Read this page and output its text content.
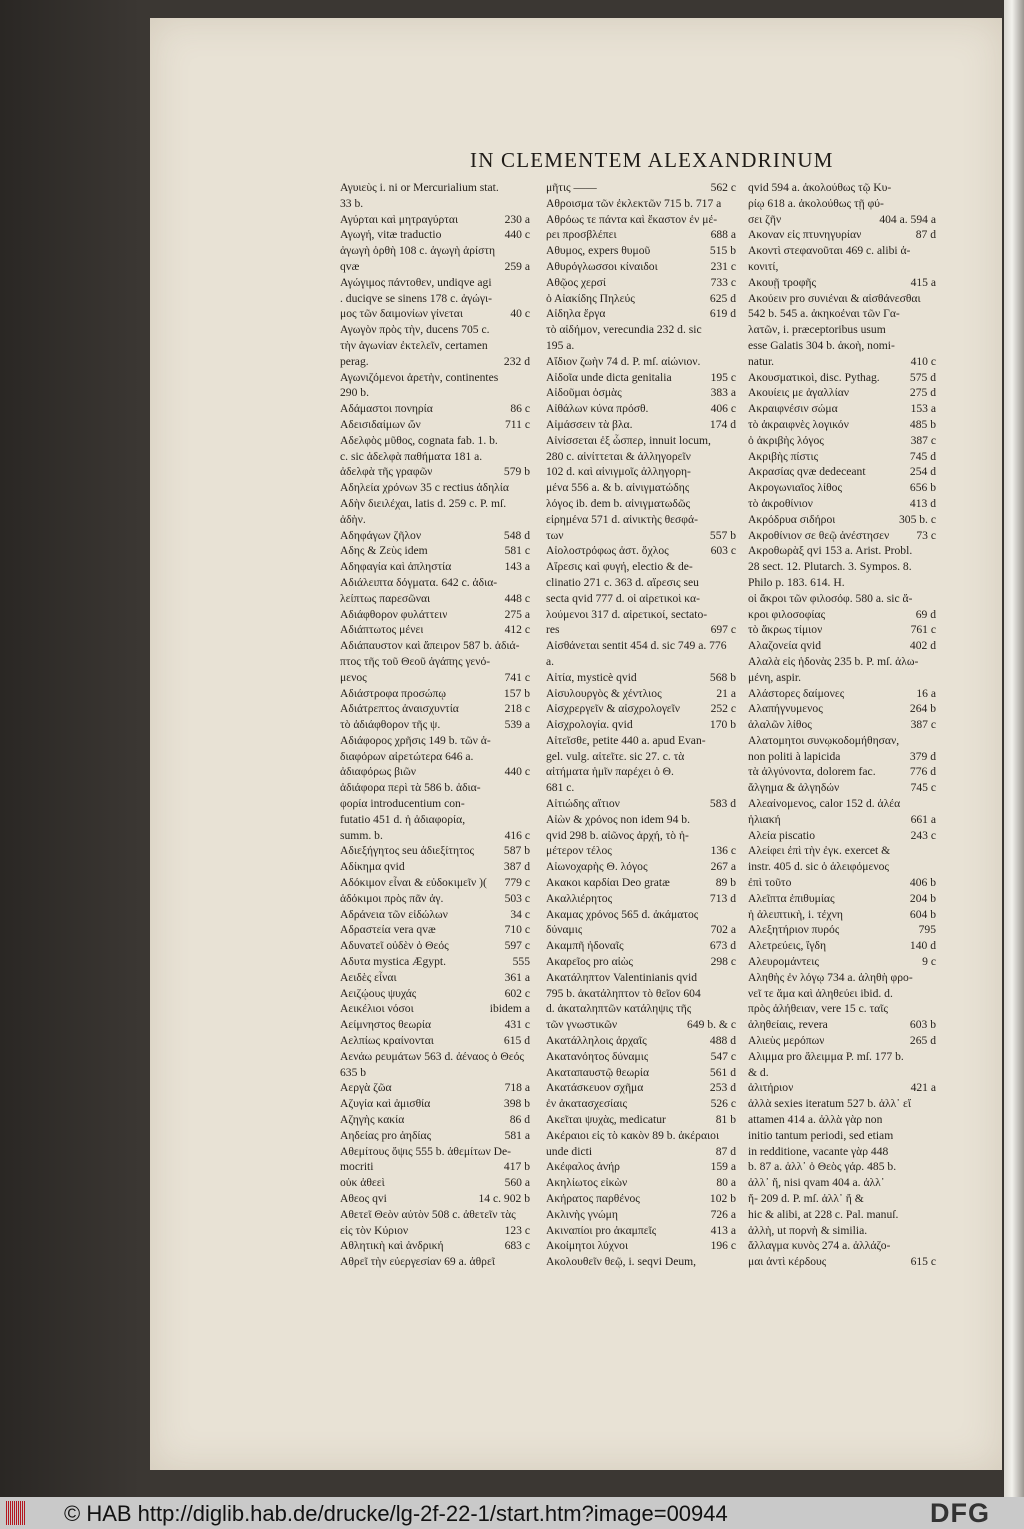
IN CLEMENTEM ALEXANDRINUM
Αγυιεὺς i. ni or Mercurialium stat.
33 b.
Αγύρται καὶ μητραγύρται	230 a
Αγωγή, vitæ traductio	440 c
ἀγωγὴ ὀρθὴ 108 c. ἀγωγὴ ἀρίστη
qvæ	259 a
Αγώγιμος πάντοθεν, undiqve agi
. duciqve se sinens 178 c. ἀγώγι-
μος τῶν δαιμονίων γίνεται	40 c
Αγωγὸν πρὸς τὴν, ducens 705 c.
τὴν ἀγωνίαν ἐκτελεῖν, certamen
perag.	232 d
Αγωνιζόμενοι ἀρετὴν, continentes
290 b.
Αδάμαστοι πονηρία	86 c
Αδεισιδαίμων ὤν	711 c
Αδελφὸς μῦθος, cognata fab. 1. b.
c. sic ἀδελφὰ παθήματα 181 a.
ἀδελφὰ τῆς γραφῶν	579 b
Αδηλεία χρόνων 35 c rectius ἀδηλία
Αδὴν διειλέχαι, latis d. 259 c. P. mſ.
ἀδὴν.
Αδηφάγων ζῆλον	548 d
Αδης & Ζεὺς idem	581 c
Αδηφαγία καὶ ἀπληστία	143 a
Αδιάλειπτα δόγματα. 642 c. ἀδια-
λείπτως παρεσῶναι	448 c
Αδιάφθορον φυλάττειν	275 a
Αδιάπτωτος μένει	412 c
Αδιάπαυστον καὶ ἄπειρον 587 b. ἀδιά-
πτος τῆς τοῦ Θεοῦ ἀγάπης γενό-
μενος	741 c
Αδιάστροφα προσώπῳ	157 b
Αδιάτρεπτος ἀναισχυντία	218 c
τὸ ἀδιάφθορον τῆς ψ.	539 a
Αδιάφορος χρῆσις 149 b. τῶν ἀ-
διαφόρων αἱρετώτερα 646 a.
ἀδιαφόρως βιῶν	440 c
ἀδιάφορα περὶ τὰ 586 b. ἀδια-
φορία introducentium con-
futatio 451 d. ἡ ἀδιαφορία,
summ. b.	416 c
Αδιεξήγητος seu ἀδιεξίτητος	587 b
Αδίκημα qvid	387 d
Αδόκιμον εἶναι & εὐδοκιμεῖν )(	779 c
ἀδόκιμοι πρὸς πᾶν ἀγ.	503 c
Αδράνεια τῶν εἰδώλων	34 c
Αδραστεία vera qvæ	710 c
Αδυνατεῖ οὐδὲν ὁ Θεός	597 c
Αδυτα mystica Ægypt.	555
Αειδὲς εἶναι	361 a
Αειζῴους ψυχάς	602 c
Αεικέλιοι νόσοι	ibidem a
Αείμνηστος θεωρία	431 c
Αελπίως κραίνονται	615 d
Αενάω ρευμάτων 563 d. ἀέναος ὁ Θεός
635 b
Αεργὰ ζῶα	718 a
Αζυγία καὶ ἀμισθία	398 b
Αζηγὴς κακία	86 d
Αηδείας pro ἀηδίας	581 a
Αθεμίτους ὄψις 555 b. ἀθεμίτων De-
mocriti	417 b
οὐκ ἀθεεὶ	560 a
Αθεος qvi	14 c. 902 b
Αθετεῖ Θεὸν αὐτὸν 508 c. ἀθετεῖν τὰς
εἰς τὸν Κύριον	123 c
Αθλητικὴ καὶ ἀνδρική	683 c
Αθρεῖ τὴν εὐεργεσίαν 69 a. ἀθρεῖ
μῆτις ——	562 c
Αθροισμα τῶν ἐκλεκτῶν 715 b. 717 a
Αθρόως τε πάντα καὶ ἕκαστον ἐν μέ-
ρει προσβλέπει	688 a
Αθυμος, expers θυμοῦ	515 b
Αθυρόγλωσσοι κίναιδοι	231 c
Αθῷος χερσί	733 c
ὁ Αἰακίδης Πηλεύς	625 d
Αἰδηλα ἔργα	619 d
τὸ αἰδήμον, verecundia 232 d. sic
195 a.
Αἴδιον ζωὴν 74 d. P. mſ. αἰώνιον.
Αἰδοῖα unde dicta genitalia	195 c
Αἰδοῦμαι ὀσμὰς	383 a
Αἰθάλων κύνα πρόσθ.	406 c
Αἰμάσσειν τὰ βλα.	174 d
Αἰνίσσεται ἐξ ὧσπερ, innuit locum,
280 c. αἰνίττεται & ἀλληγορεῖν
102 d. καὶ αἰνιγμοῖς ἀλληγορη-
μένα 556 a. & b. αἰνιγματώδης
λόγος ib. dem b. αἰνιγματωδῶς
εἰρημένα 571 d. αἰνικτὴς θεσφά-
των	557 b
Αἰολοστρόφως ἀστ. ὄχλος	603 c
Αἵρεσις καὶ φυγή, electio & de-
clinatio 271 c. 363 d. αἵρεσις seu
secta qvid 777 d. οἱ αἱρετικοὶ κα-
λούμενοι 317 d. αἱρετικοί, sectato-
res	697 c
Αἰσθάνεται sentit 454 d. sic 749 a. 776
a.
Αἰτία, mysticè qvid	568 b
Αἰσυλουργὸς & χέντλιος	21 a
Αἰσχρεργεῖν & αἰσχρολογεῖν	252 c
Αἰσχρολογία. qvid	170 b
Αἰτεῖσθε, petite 440 a. apud Evan-
gel. vulg. αἰτεῖτε. sic 27. c. τὰ
αἰτήματα ἡμῖν παρέχει ὁ Θ.
681 c.
Αἰτιώδης αἴτιον	583 d
Αἰὼν & χρόνος non idem 94 b.
qvid 298 b. αἰῶνος ἀρχή, τὸ ἡ-
μέτερον τέλος	136 c
Αἰωνοχαρὴς Θ. λόγος	267 a
Ακακοι καρδίαι Deo gratæ	89 b
Ακαλλιέρητος	713 d
Ακαμας χρόνος 565 d. ἀκάματος
δύναμις	702 a
Ακαμπῆ ἡδοναῖς	673 d
Ακαρεῖος pro αἰὼς	298 c
Ακατάληπτον Valentinianis qvid
795 b. ἀκατάληπτον τὸ θεῖον 604
d. ἀκαταληπτῶν κατάληψις τῆς
τῶν γνωστικῶν	649 b. & c
Ακατάλληλοις ἀρχαῖς	488 d
Ακατανόητος δύναμις	547 c
Ακαταπαυστῷ θεωρία	561 d
Ακατάσκευον σχῆμα	253 d
ἐν ἀκατασχεσίαις	526 c
Ακεῖται ψυχὰς, medicatur	81 b
Ακέραιοι εἰς τὸ κακὸν 89 b. ἀκέραιοι
unde dicti	87 d
Ακέφαλος ἀνήρ	159 a
Ακηλίωτος εἰκὼν	80 a
Ακήρατος παρθένος	102 b
Ακλινὴς γνώμη	726 a
Ακιναπίοι pro ἀκαμπεῖς	413 a
Ακοίμητοι λύχνοι	196 c
Ακολουθεῖν θεῷ, i. seqvi Deum,
qvid 594 a. ἀκολούθως τῷ Κυ-
ρίῳ 618 a. ἀκολούθως τῇ φύ-
σει ζῆν	404 a. 594 a
Ακοναν εἰς πτυνηγυρίαν	87 d
Ακοντὶ στεφανοῦται 469 c. alibi ἀ-
κονιτί,
Ακουῇ τροφῆς	415 a
Ακούειν pro συνιέναι & αἰσθάνεσθαι
542 b. 545 a. ἀκηκοέναι τῶν Γα-
λατῶν, i. præceptoribus usum
esse Galatis 304 b. ἀκοὴ, nomi-
natur.	410 c
Ακουσματικοὶ, disc. Pythag.	575 d
Ακουίεις με ἀγαλλίαν	275 d
Ακραιφνέσιν σώμα	153 a
τὸ ἀκραιφνὲς λογικόν	485 b
ὁ ἀκριβὴς λόγος	387 c
Ακριβὴς πίστις	745 d
Ακρασίας qvæ dedeceant	254 d
Ακρογωνιαῖος λίθος	656 b
τὸ ἀκροθίνιον	413 d
Ακρόδρυα σιδήροι	305 b. c
Ακροθίνιον σε θεῷ ἀνέστησεν	73 c
Ακροθωρὰξ qvi 153 a. Arist. Probl.
28 sect. 12. Plutarch. 3. Sympos. 8.
Philo p. 183. 614. H.
οἱ ἄκροι τῶν φιλοσόφ. 580 a. sic ἄ-
κροι φιλοσοφίας	69 d
τὸ ἄκρως τίμιον	761 c
Αλαζονεία qvid	402 d
Αλαλὰ εἰς ἡδονὰς 235 b. P. mſ. ἀλω-
μένη, aspir.
Αλάστορες δαίμονες	16 a
Αλαπήγνυμενος	264 b
ἀλαλῶν λίθος	387 c
Αλατομητοι συνῳκοδομήθησαν,
non politi à lapicida	379 d
τὰ ἀλγύνοντα, dolorem fac.	776 d
ἄλγημα & ἀλγηδών	745 c
Αλεαίνομενος, calor 152 d. ἀλέα
ἡλιακή	661 a
Αλεία piscatio	243 c
Αλείφει ἐπὶ τὴν ἐγκ. exercet &
instr. 405 d. sic ὁ ἀλειφόμενος
ἐπὶ τοῦτο	406 b
Αλεῖπτα ἐπιθυμίας	204 b
ἡ ἀλειπτικὴ, i. τέχνη	604 b
Αλεξητήριον πυρός	795
Αλετρεύεις, ἴγδη	140 d
Αλευρομάντεις	9 c
Αληθὴς ἐν λόγῳ 734 a. ἀληθὴ φρο-
νεῖ τε ἅμα καὶ ἀληθεύει ibid. d.
πρὸς ἀλήθειαν, vere 15 c. ταῖς
ἀληθείαις, revera	603 b
Αλιεὺς μερόπων	265 d
Αλιμμα pro ἄλειμμα P. mſ. 177 b.
& d.
ἀλιτήριον	421 a
ἀλλὰ sexies iteratum 527 b. ἀλλ᾽ εἴ
attamen 414 a. ἀλλὰ γὰρ non
initio tantum periodi, sed etiam
in redditione, vacante γὰρ 448
b. 87 a. ἀλλ᾽ ὁ Θεὸς γάρ. 485 b.
ἀλλ᾽ ἤ, nisi qvam 404 a. ἀλλ᾽
ἤ- 209 d. P. mſ. ἀλλ᾽ ἤ &
hic & alibi, at 228 c. Pal. manuſ.
ἀλλὴ, ut πορνὴ & similia.
ἄλλαγμα κυνὸς 274 a. ἀλλάζο-
μαι ἀντὶ κέρδους	615 c
© HAB http://diglib.hab.de/drucke/lg-2f-22-1/start.htm?image=00944	DFG
